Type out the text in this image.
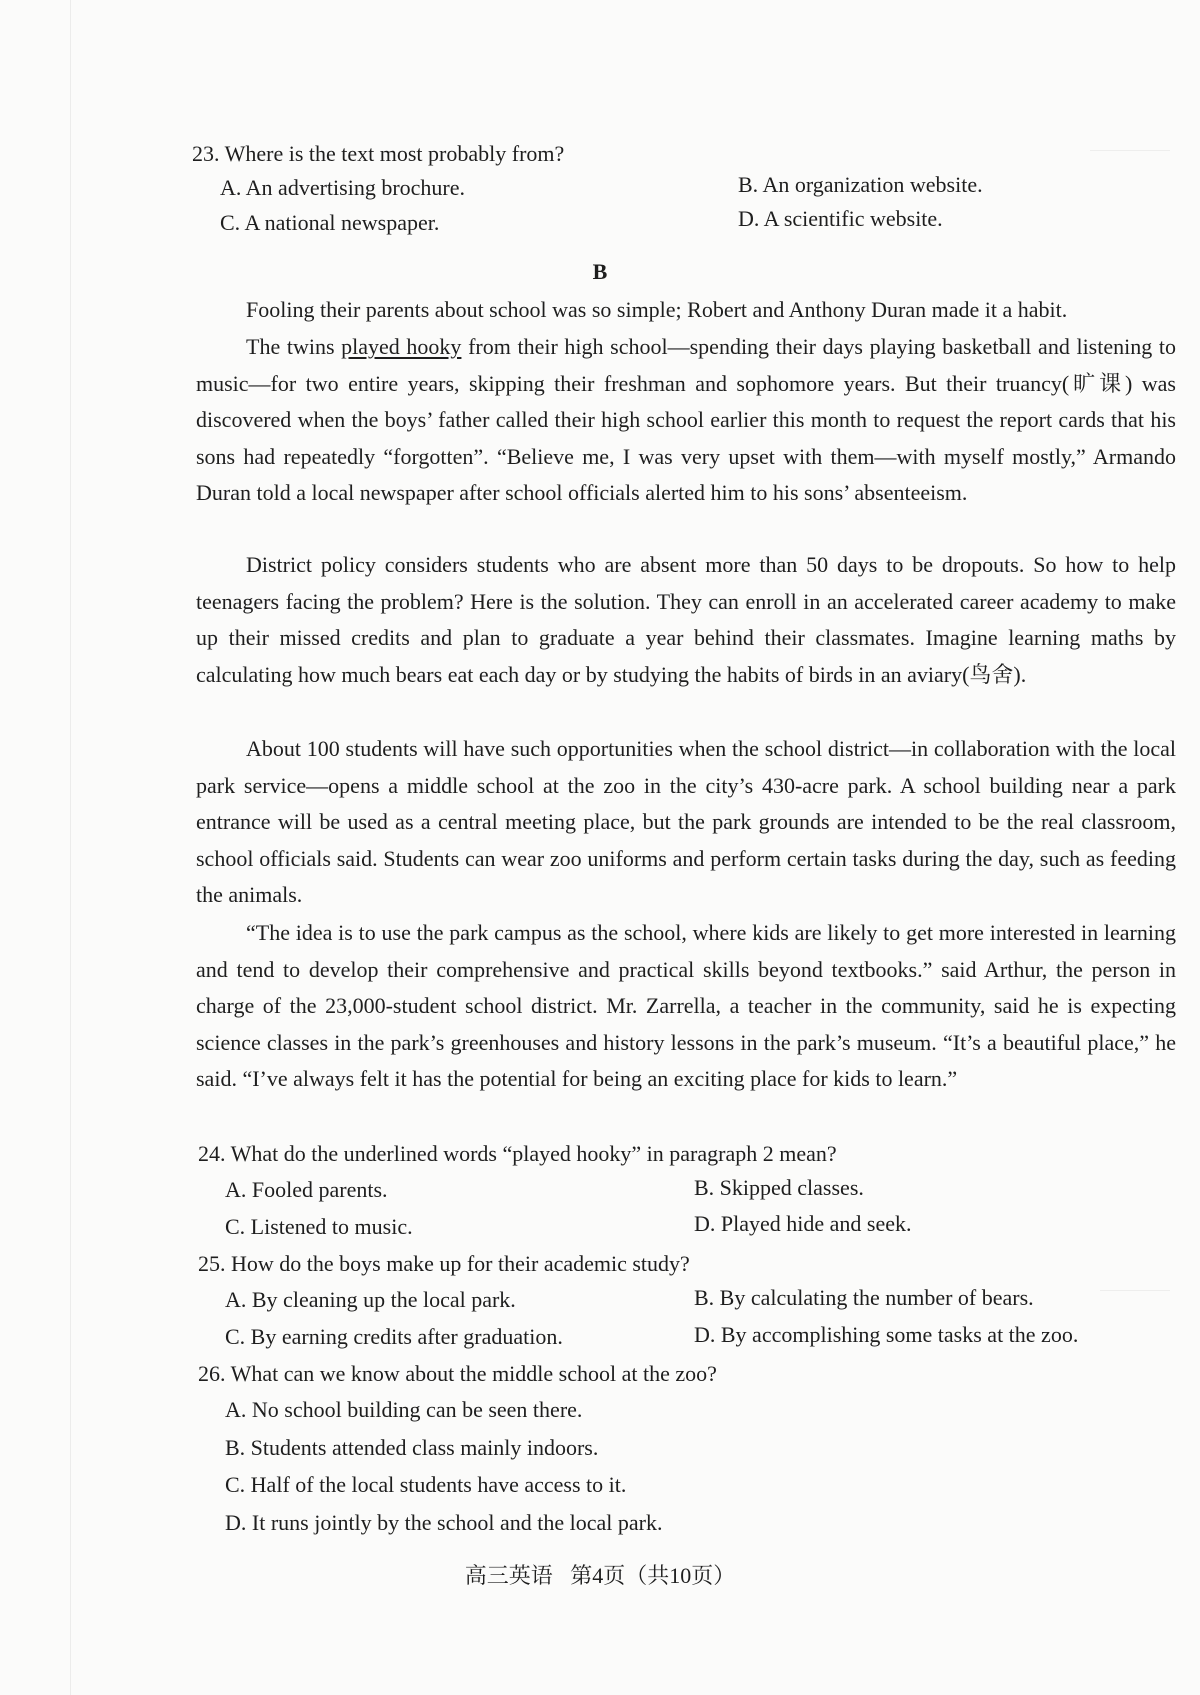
23. Where is the text most probably from?
A. An advertising brochure.	B. An organization website.
C. A national newspaper.	D. A scientific website.
B
Fooling their parents about school was so simple; Robert and Anthony Duran made it a habit.
The twins played hooky from their high school—spending their days playing basketball and listening to music—for two entire years, skipping their freshman and sophomore years. But their truancy(旷课) was discovered when the boys’ father called their high school earlier this month to request the report cards that his sons had repeatedly “forgotten”. “Believe me, I was very upset with them—with myself mostly,” Armando Duran told a local newspaper after school officials alerted him to his sons’ absenteeism.
District policy considers students who are absent more than 50 days to be dropouts. So how to help teenagers facing the problem? Here is the solution. They can enroll in an accelerated career academy to make up their missed credits and plan to graduate a year behind their classmates. Imagine learning maths by calculating how much bears eat each day or by studying the habits of birds in an aviary(鸟舍).
About 100 students will have such opportunities when the school district—in collaboration with the local park service—opens a middle school at the zoo in the city’s 430-acre park. A school building near a park entrance will be used as a central meeting place, but the park grounds are intended to be the real classroom, school officials said. Students can wear zoo uniforms and perform certain tasks during the day, such as feeding the animals.
“The idea is to use the park campus as the school, where kids are likely to get more interested in learning and tend to develop their comprehensive and practical skills beyond textbooks.” said Arthur, the person in charge of the 23,000-student school district. Mr. Zarrella, a teacher in the community, said he is expecting science classes in the park’s greenhouses and history lessons in the park’s museum. “It’s a beautiful place,” he said. “I’ve always felt it has the potential for being an exciting place for kids to learn.”
24. What do the underlined words “played hooky” in paragraph 2 mean?
A. Fooled parents.	B. Skipped classes.
C. Listened to music.	D. Played hide and seek.
25. How do the boys make up for their academic study?
A. By cleaning up the local park.	B. By calculating the number of bears.
C. By earning credits after graduation.	D. By accomplishing some tasks at the zoo.
26. What can we know about the middle school at the zoo?
A. No school building can be seen there.
B. Students attended class mainly indoors.
C. Half of the local students have access to it.
D. It runs jointly by the school and the local park.
高三英语 第4页（共10页）
